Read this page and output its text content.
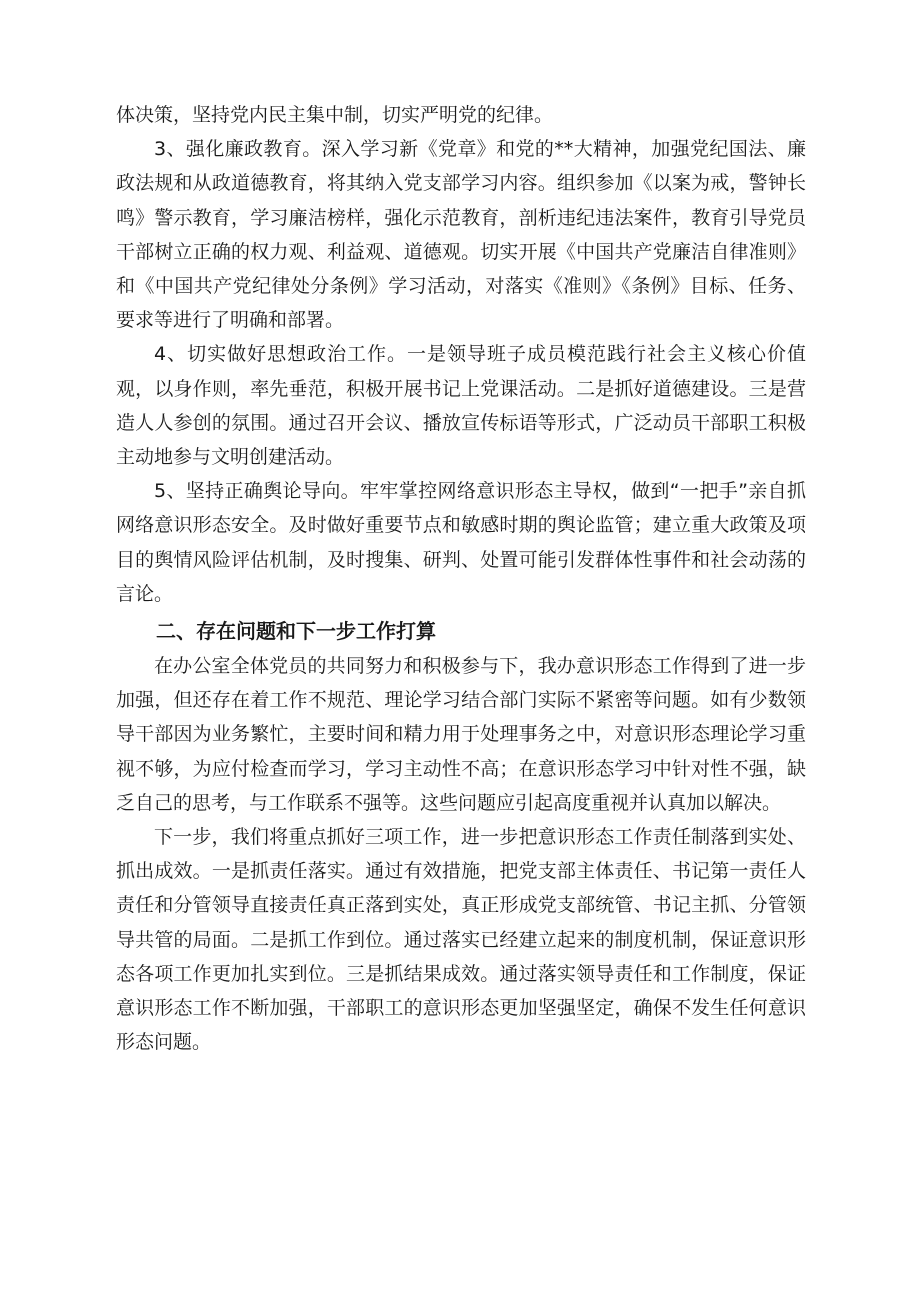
体决策，坚持党内民主集中制，切实严明党的纪律。

3、强化廉政教育。深入学习新《党章》和党的**大精神，加强党纪国法、廉政法规和从政道德教育，将其纳入党支部学习内容。组织参加《以案为戒，警钟长鸣》警示教育，学习廉洁榜样，强化示范教育，剖析违纪违法案件，教育引导党员干部树立正确的权力观、利益观、道德观。切实开展《中国共产党廉洁自律准则》和《中国共产党纪律处分条例》学习活动，对落实《准则》《条例》目标、任务、要求等进行了明确和部署。

4、切实做好思想政治工作。一是领导班子成员模范践行社会主义核心价值观，以身作则，率先垂范，积极开展书记上党课活动。二是抓好道德建设。三是营造人人参创的氛围。通过召开会议、播放宣传标语等形式，广泛动员干部职工积极主动地参与文明创建活动。

5、坚持正确舆论导向。牢牢掌控网络意识形态主导权，做到“一把手”亲自抓网络意识形态安全。及时做好重要节点和敏感时期的舆论监管；建立重大政策及项目的舆情风险评估机制，及时搜集、研判、处置可能引发群体性事件和社会动荡的言论。

二、存在问题和下一步工作打算

在办公室全体党员的共同努力和积极参与下，我办意识形态工作得到了进一步加强，但还存在着工作不规范、理论学习结合部门实际不紧密等问题。如有少数领导干部因为业务繁忙，主要时间和精力用于处理事务之中，对意识形态理论学习重视不够，为应付检查而学习，学习主动性不高；在意识形态学习中针对性不强，缺乏自己的思考，与工作联系不强等。这些问题应引起高度重视并认真加以解决。

下一步，我们将重点抓好三项工作，进一步把意识形态工作责任制落到实处、抓出成效。一是抓责任落实。通过有效措施，把党支部主体责任、书记第一责任人责任和分管领导直接责任真正落到实处，真正形成党支部统管、书记主抓、分管领导共管的局面。二是抓工作到位。通过落实已经建立起来的制度机制，保证意识形态各项工作更加扎实到位。三是抓结果成效。通过落实领导责任和工作制度，保证意识形态工作不断加强，干部职工的意识形态更加坚强坚定，确保不发生任何意识形态问题。
